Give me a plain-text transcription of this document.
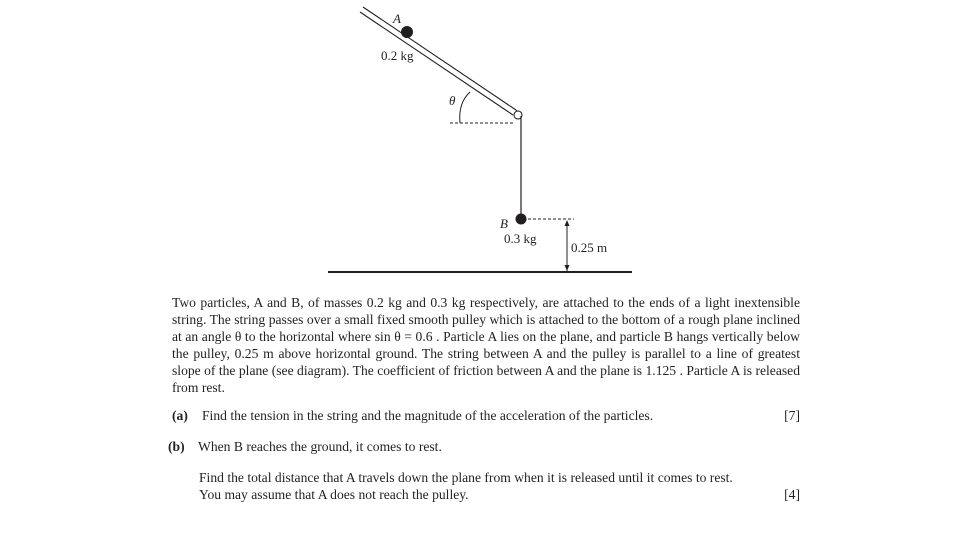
A
0.2 kg
θ
B
0.3 kg
0.25 m

Two particles, A and B, of masses 0.2 kg and 0.3 kg respectively, are attached to the ends of a light inextensible string. The string passes over a small fixed smooth pulley which is attached to the bottom of a rough plane inclined at an angle θ to the horizontal where sin θ = 0.6 . Particle A lies on the plane, and particle B hangs vertically below the pulley, 0.25 m above horizontal ground. The string between A and the pulley is parallel to a line of greatest slope of the plane (see diagram). The coefficient of friction between A and the plane is 1.125 . Particle A is released from rest.

(a) Find the tension in the string and the magnitude of the acceleration of the particles.	[7]

(b) When B reaches the ground, it comes to rest.

Find the total distance that A travels down the plane from when it is released until it comes to rest.

You may assume that A does not reach the pulley.	[4]
